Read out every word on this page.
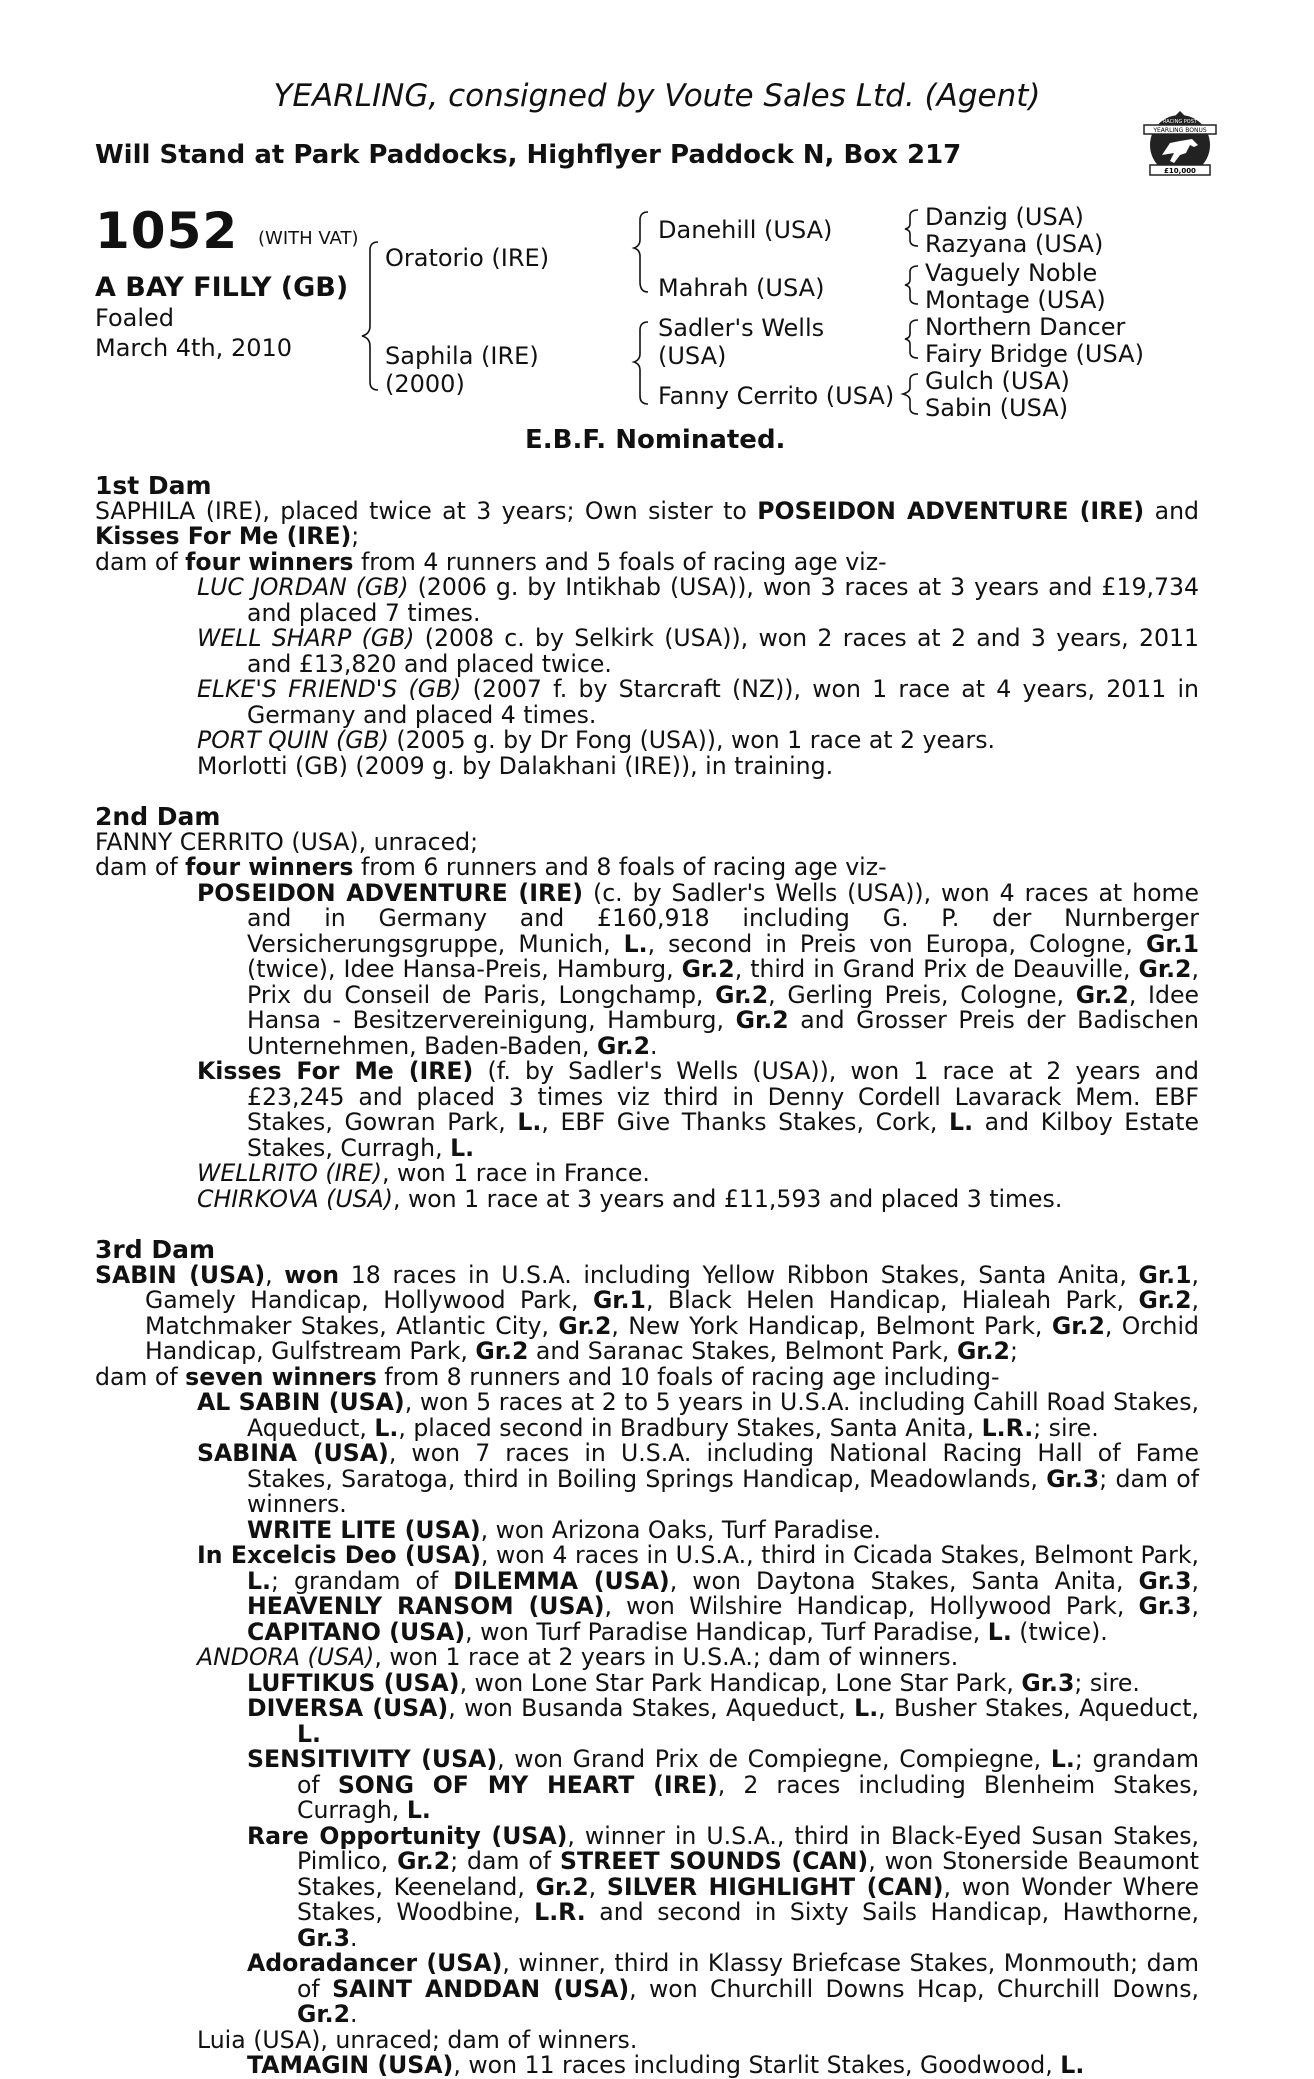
YEARLING, consigned by Voute Sales Ltd. (Agent)
Will Stand at Park Paddocks, Highflyer Paddock N, Box 217
YEARLING BONUS
RACING POST
£10,000
1052 (WITH VAT)
A BAY FILLY (GB)
Foaled
March 4th, 2010
Oratorio (IRE)
Saphila (IRE)
(2000)
Danehill (USA)
Mahrah (USA)
Sadler's Wells
(USA)
Fanny Cerrito (USA)
Danzig (USA)
Razyana (USA)
Vaguely Noble
Montage (USA)
Northern Dancer
Fairy Bridge (USA)
Gulch (USA)
Sabin (USA)
E.B.F. Nominated.

1st Dam

SAPHILA (IRE), placed twice at 3 years; Own sister to POSEIDON ADVENTURE (IRE) and Kisses For Me (IRE);

dam of four winners from 4 runners and 5 foals of racing age viz-

LUC JORDAN (GB) (2006 g. by Intikhab (USA)), won 3 races at 3 years and £19,734 and placed 7 times.

WELL SHARP (GB) (2008 c. by Selkirk (USA)), won 2 races at 2 and 3 years, 2011 and £13,820 and placed twice.

ELKE'S FRIEND'S (GB) (2007 f. by Starcraft (NZ)), won 1 race at 4 years, 2011 in Germany and placed 4 times.

PORT QUIN (GB) (2005 g. by Dr Fong (USA)), won 1 race at 2 years.

Morlotti (GB) (2009 g. by Dalakhani (IRE)), in training.

2nd Dam

FANNY CERRITO (USA), unraced;

dam of four winners from 6 runners and 8 foals of racing age viz-

POSEIDON ADVENTURE (IRE) (c. by Sadler's Wells (USA)), won 4 races at home and in Germany and £160,918 including G. P. der Nurnberger Versicherungsgruppe, Munich, L., second in Preis von Europa, Cologne, Gr.1 (twice), Idee Hansa-Preis, Hamburg, Gr.2, third in Grand Prix de Deauville, Gr.2, Prix du Conseil de Paris, Longchamp, Gr.2, Gerling Preis, Cologne, Gr.2, Idee Hansa - Besitzervereinigung, Hamburg, Gr.2 and Grosser Preis der Badischen Unternehmen, Baden-Baden, Gr.2.

Kisses For Me (IRE) (f. by Sadler's Wells (USA)), won 1 race at 2 years and £23,245 and placed 3 times viz third in Denny Cordell Lavarack Mem. EBF Stakes, Gowran Park, L., EBF Give Thanks Stakes, Cork, L. and Kilboy Estate Stakes, Curragh, L.

WELLRITO (IRE), won 1 race in France.

CHIRKOVA (USA), won 1 race at 3 years and £11,593 and placed 3 times.

3rd Dam

SABIN (USA), won 18 races in U.S.A. including Yellow Ribbon Stakes, Santa Anita, Gr.1, Gamely Handicap, Hollywood Park, Gr.1, Black Helen Handicap, Hialeah Park, Gr.2, Matchmaker Stakes, Atlantic City, Gr.2, New York Handicap, Belmont Park, Gr.2, Orchid Handicap, Gulfstream Park, Gr.2 and Saranac Stakes, Belmont Park, Gr.2;

dam of seven winners from 8 runners and 10 foals of racing age including-

AL SABIN (USA), won 5 races at 2 to 5 years in U.S.A. including Cahill Road Stakes, Aqueduct, L., placed second in Bradbury Stakes, Santa Anita, L.R.; sire.

SABINA (USA), won 7 races in U.S.A. including National Racing Hall of Fame Stakes, Saratoga, third in Boiling Springs Handicap, Meadowlands, Gr.3; dam of winners.

WRITE LITE (USA), won Arizona Oaks, Turf Paradise.

In Excelcis Deo (USA), won 4 races in U.S.A., third in Cicada Stakes, Belmont Park, L.; grandam of DILEMMA (USA), won Daytona Stakes, Santa Anita, Gr.3, HEAVENLY RANSOM (USA), won Wilshire Handicap, Hollywood Park, Gr.3, CAPITANO (USA), won Turf Paradise Handicap, Turf Paradise, L. (twice).

ANDORA (USA), won 1 race at 2 years in U.S.A.; dam of winners.

LUFTIKUS (USA), won Lone Star Park Handicap, Lone Star Park, Gr.3; sire.

DIVERSA (USA), won Busanda Stakes, Aqueduct, L., Busher Stakes, Aqueduct, L.

SENSITIVITY (USA), won Grand Prix de Compiegne, Compiegne, L.; grandam of SONG OF MY HEART (IRE), 2 races including Blenheim Stakes, Curragh, L.

Rare Opportunity (USA), winner in U.S.A., third in Black-Eyed Susan Stakes, Pimlico, Gr.2; dam of STREET SOUNDS (CAN), won Stonerside Beaumont Stakes, Keeneland, Gr.2, SILVER HIGHLIGHT (CAN), won Wonder Where Stakes, Woodbine, L.R. and second in Sixty Sails Handicap, Hawthorne, Gr.3.

Adoradancer (USA), winner, third in Klassy Briefcase Stakes, Monmouth; dam of SAINT ANDDAN (USA), won Churchill Downs Hcap, Churchill Downs, Gr.2.

Luia (USA), unraced; dam of winners.

TAMAGIN (USA), won 11 races including Starlit Stakes, Goodwood, L.
